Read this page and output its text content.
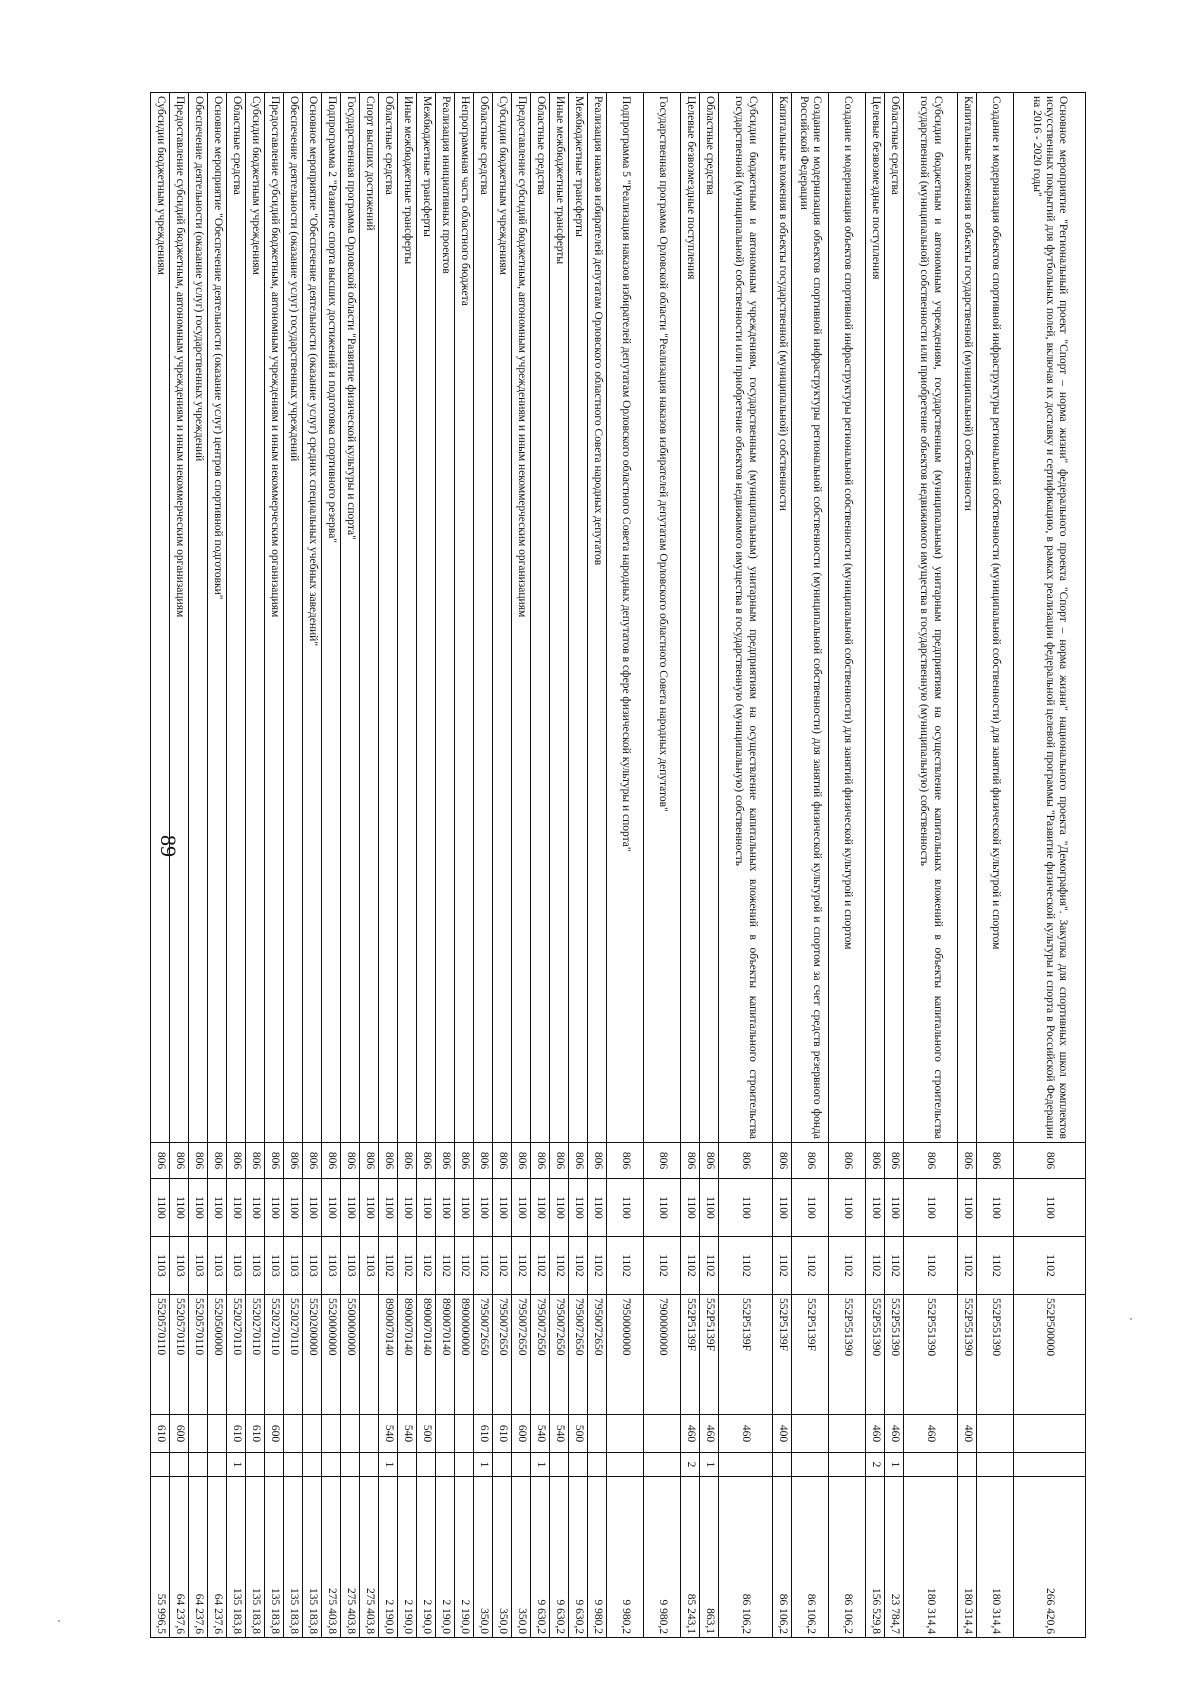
89	Основное мероприятие "Региональный проект "Спорт – норма жизни" федерального проекта "Спорт – норма жизни" национального проекта "Демография". Закупка для спортивных школ комплектов искусственных покрытий для футбольных полей, включая их доставку и сертификацию, в рамках реализации федеральной целевой программы "Развитие физической культуры и спорта в Российской Федерации на 2016 - 2020 годы"	806	1100	1102	552P500000			266 420,6
Создание и модернизация объектов спортивной инфраструктуры региональной собственности (муниципальной собственности) для занятий физической культурой и спортом	806	1100	1102	552P551390			180 314,4
Капитальные вложения в объекты государственной (муниципальной) собственности	806	1100	1102	552P551390	400		180 314,4
Субсидии бюджетным и автономным учреждениям, государственным (муниципальным) унитарным предприятиям на осуществление капитальных вложений в объекты капитального строительства государственной (муниципальной) собственности или приобретение объектов недвижимого имущества в государственную (муниципальную) собственность	806	1100	1102	552P551390	460		180 314,4
Областные средства	806	1100	1102	552P551390	460	1	23 784,7
Целевые безвозмездные поступления	806	1100	1102	552P551390	460	2	156 529,8
Создание и модернизация объектов спортивной инфраструктуры региональной собственности (муниципальной собственности) для занятий физической культурой и спортом	806	1100	1102	552P551390			86 106,2
Создание и модернизация объектов спортивной инфраструктуры региональной собственности (муниципальной собственности) для занятий физической культурой и спортом за счет средств резервного фонда Российской Федерации	806	1100	1102	552P5139F			86 106,2
Капитальные вложения в объекты государственной (муниципальной) собственности	806	1100	1102	552P5139F	400		86 106,2
Субсидии бюджетным и автономным учреждениям, государственным (муниципальным) унитарным предприятиям на осуществление капитальных вложений в объекты капитального строительства государственной (муниципальной) собственности или приобретение объектов недвижимого имущества в государственную (муниципальную) собственность	806	1100	1102	552P5139F	460		86 106,2
Областные средства	806	1100	1102	552P5139F	460	1	863,1
Целевые безвозмездные поступления	806	1100	1102	552P5139F	460	2	85 243,1
Государственная программа Орловской области "Реализация наказов избирателей депутатам Орловского областного Совета народных депутатов"	806	1100	1102	7900000000			9 980,2
Подпрограмма 5 "Реализация наказов избирателей депутатам Орловского областного Совета народных депутатов в сфере физической культуры и спорта"	806	1100	1102	7950000000			9 980,2
Реализация наказов избирателей депутатам Орловского областного Совета народных депутатов	806	1100	1102	7950072650			9 980,2
Межбюджетные трансферты	806	1100	1102	7950072650	500		9 630,2
Иные межбюджетные трансферты	806	1100	1102	7950072650	540		9 630,2
Областные средства	806	1100	1102	7950072650	540	1	9 630,2
Предоставление субсидий бюджетным, автономным учреждениям и иным некоммерческим организациям	806	1100	1102	7950072650	600		350,0
Субсидии бюджетным учреждениям	806	1100	1102	7950072650	610		350,0
Областные средства	806	1100	1102	7950072650	610	1	350,0
Непрограммная часть областного бюджета	806	1100	1102	8900000000			2 190,0
Реализация инициативных проектов	806	1100	1102	8900070140			2 190,0
Межбюджетные трансферты	806	1100	1102	8900070140	500		2 190,0
Иные межбюджетные трансферты	806	1100	1102	8900070140	540		2 190,0
Областные средства	806	1100	1102	8900070140	540	1	2 190,0
Спорт высших достижений	806	1100	1103				275 403,8
Государственная программа Орловской области "Развитие физической культуры и спорта"	806	1100	1103	5500000000			275 403,8
Подпрограмма 2 "Развитие спорта высших достижений и подготовка спортивного резерва"	806	1100	1103	5520000000			275 403,8
Основное мероприятие "Обеспечение деятельности (оказание услуг) средних специальных учебных заведений"	806	1100	1103	5520200000			135 183,8
Обеспечение деятельности (оказание услуг) государственных учреждений	806	1100	1103	5520270110			135 183,8
Предоставление субсидий бюджетным, автономным учреждениям и иным некоммерческим организациям	806	1100	1103	5520270110	600		135 183,8
Субсидии бюджетным учреждениям	806	1100	1103	5520270110	610		135 183,8
Областные средства	806	1100	1103	5520270110	610	1	135 183,8
Основное мероприятие "Обеспечение деятельности (оказание услуг) центров спортивной подготовки"	806	1100	1103	5520500000			64 237,6
Обеспечение деятельности (оказание услуг) государственных учреждений	806	1100	1103	5520570110			64 237,6
Предоставление субсидий бюджетным, автономным учреждениям и иным некоммерческим организациям	806	1100	1103	5520570110	600		64 237,6
Субсидии бюджетным учреждениям	806	1100	1103	5520570110	610		55 996,5
